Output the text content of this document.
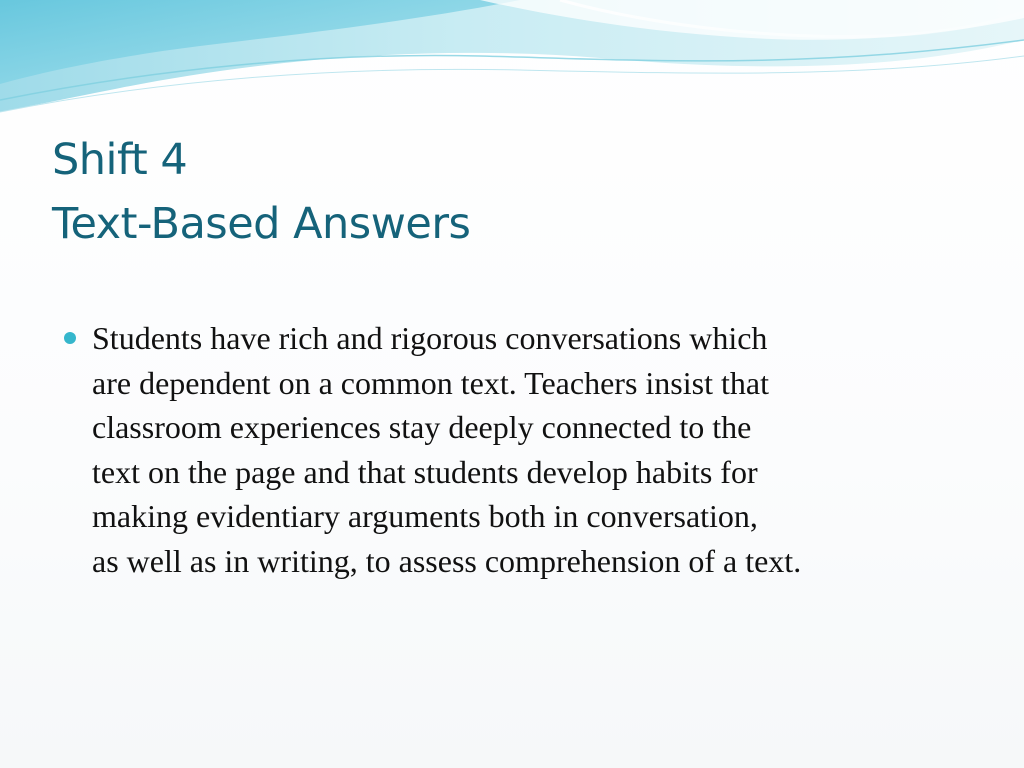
Shift 4
Text-Based Answers
Students have rich and rigorous conversations which
are dependent on a common text. Teachers insist that
classroom experiences stay deeply connected to the
text on the page and that students develop habits for
making evidentiary arguments both in conversation,
as well as in writing, to assess comprehension of a text.
